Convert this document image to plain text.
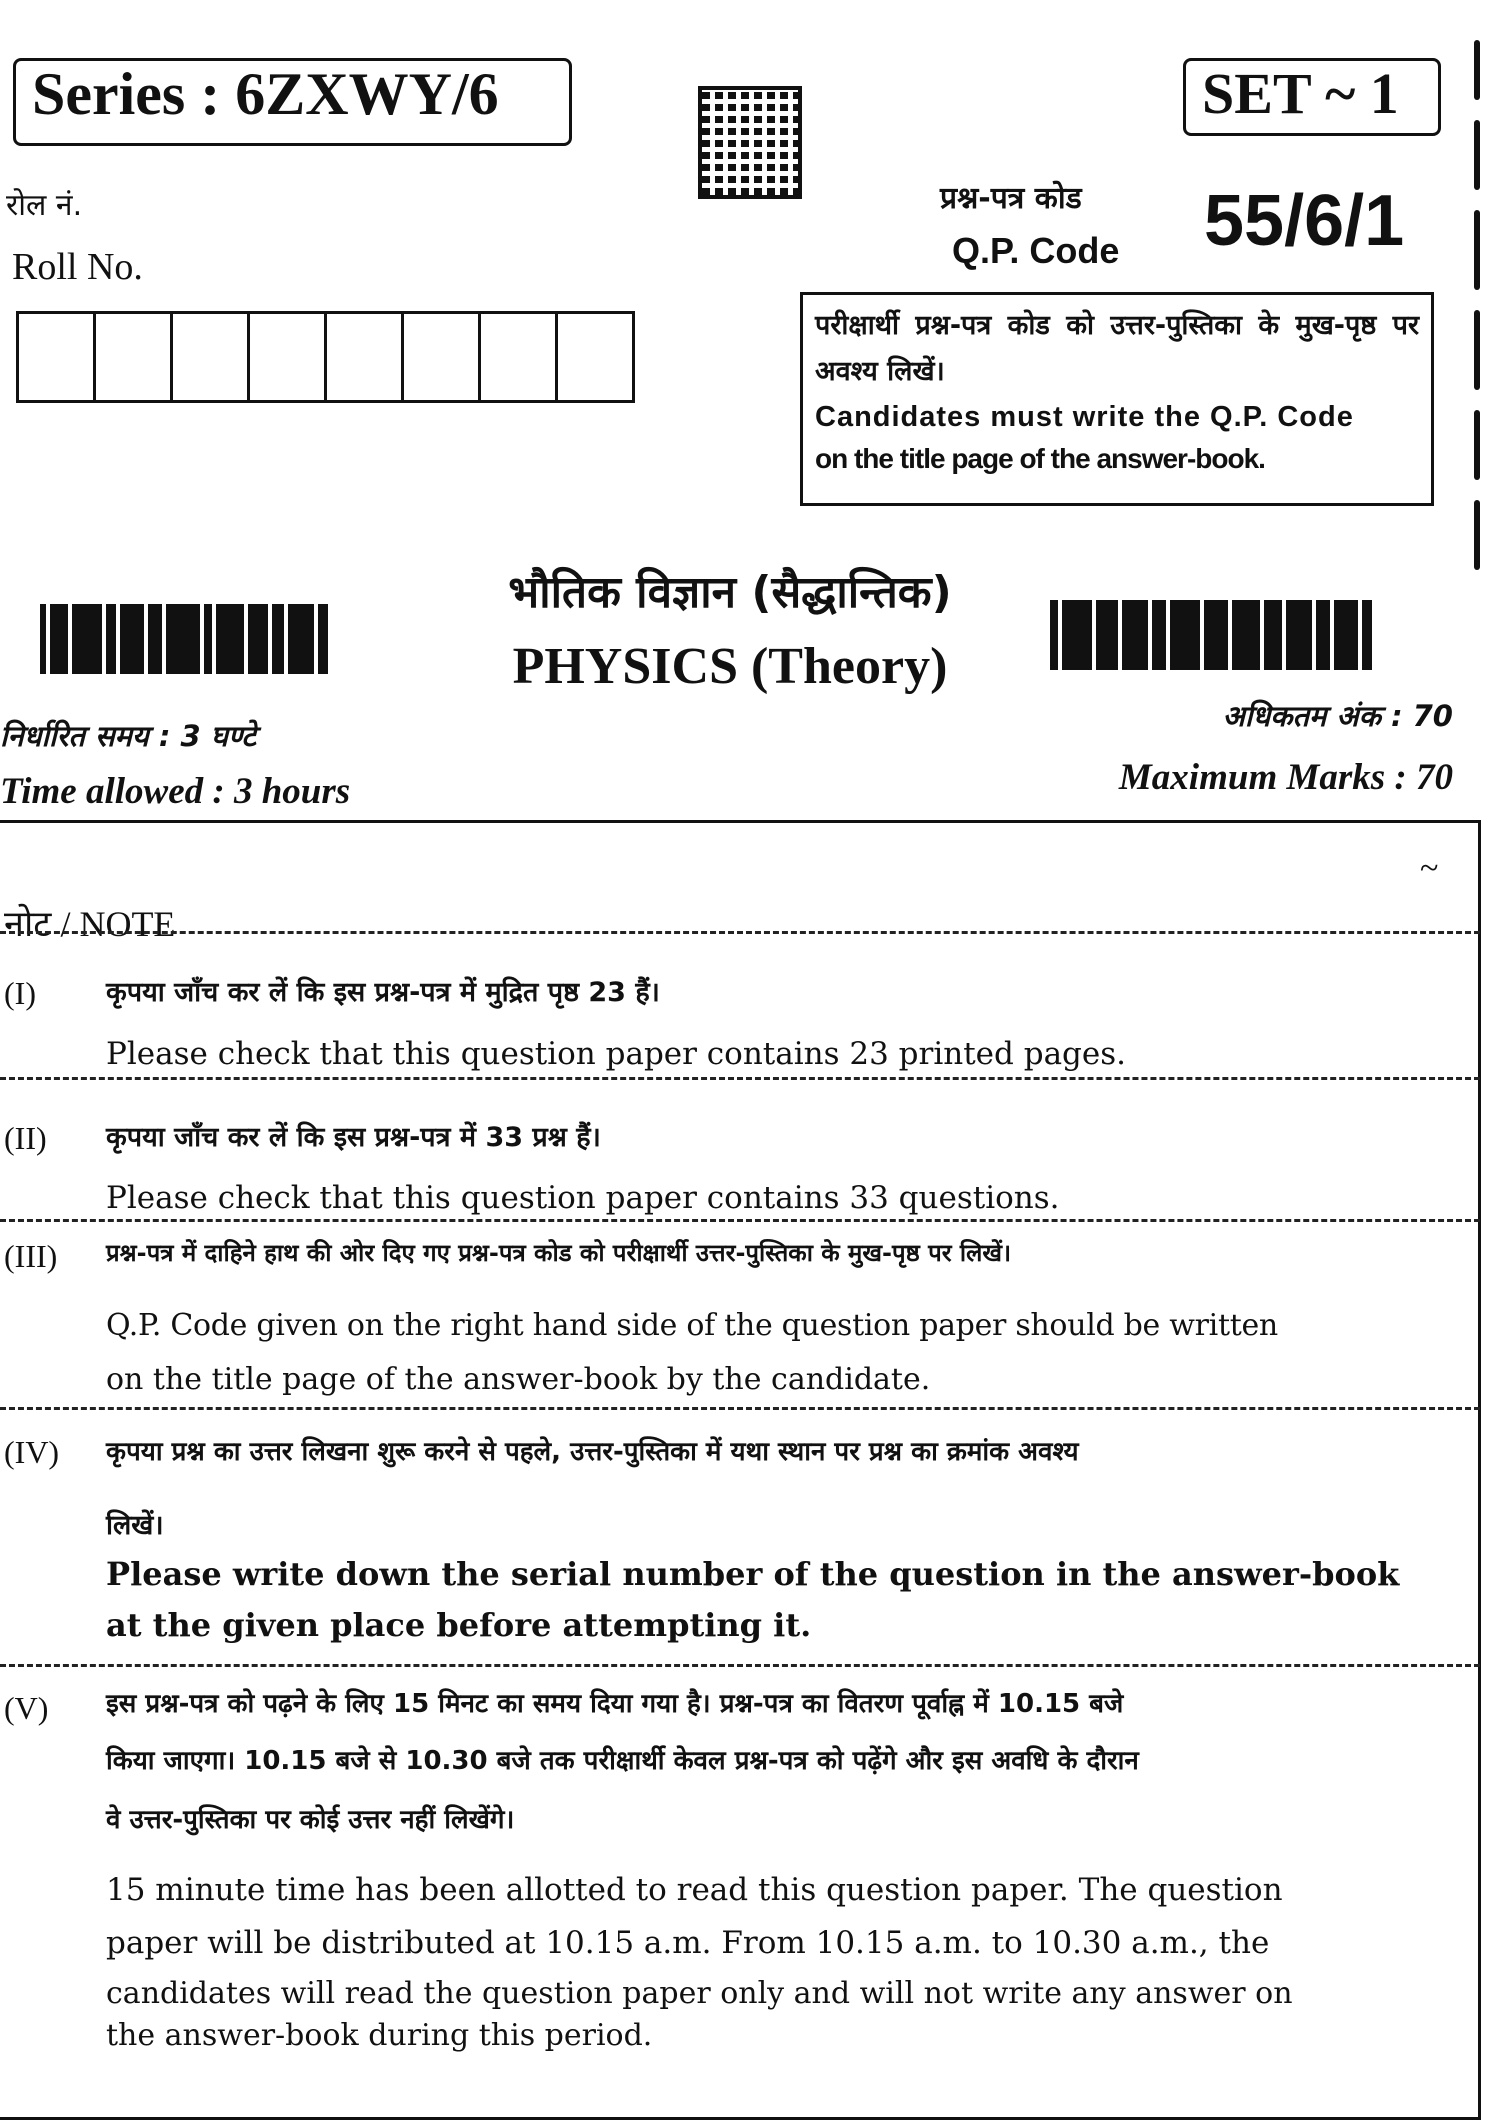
Series : 6ZXWY/6	SET ~ 1
रोल नं.
Roll No.
प्रश्न-पत्र कोड
Q.P. Code 55/6/1
परीक्षार्थी प्रश्न-पत्र कोड को उत्तर-पुस्तिका के मुख-पृष्ठ पर अवश्य लिखें।
Candidates must write the Q.P. Code
on the title page of the answer-book.
भौतिक विज्ञान (सैद्धान्तिक)
PHYSICS (Theory)
निर्धारित समय : 3 घण्टे
Time allowed : 3 hours
अधिकतम अंक : 70
Maximum Marks : 70
~
नोट / NOTE
(I)	कृपया जाँच कर लें कि इस प्रश्न-पत्र में मुद्रित पृष्ठ 23 हैं।
Please check that this question paper contains 23 printed pages.
(II) कृपया जाँच कर लें कि इस प्रश्न-पत्र में 33 प्रश्न हैं।
Please check that this question paper contains 33 questions.
(III) प्रश्न-पत्र में दाहिने हाथ की ओर दिए गए प्रश्न-पत्र कोड को परीक्षार्थी उत्तर-पुस्तिका के मुख-पृष्ठ पर लिखें।
Q.P. Code given on the right hand side of the question paper should be written
on the title page of the answer-book by the candidate.
(IV) कृपया प्रश्न का उत्तर लिखना शुरू करने से पहले, उत्तर-पुस्तिका में यथा स्थान पर प्रश्न का क्रमांक अवश्य
लिखें।
Please write down the serial number of the question in the answer-book
at the given place before attempting it.
(V) इस प्रश्न-पत्र को पढ़ने के लिए 15 मिनट का समय दिया गया है। प्रश्न-पत्र का वितरण पूर्वाह्न में 10.15 बजे
किया जाएगा। 10.15 बजे से 10.30 बजे तक परीक्षार्थी केवल प्रश्न-पत्र को पढ़ेंगे और इस अवधि के दौरान
वे उत्तर-पुस्तिका पर कोई उत्तर नहीं लिखेंगे।
15 minute time has been allotted to read this question paper. The question
paper will be distributed at 10.15 a.m. From 10.15 a.m. to 10.30 a.m., the
candidates will read the question paper only and will not write any answer on
the answer-book during this period.
